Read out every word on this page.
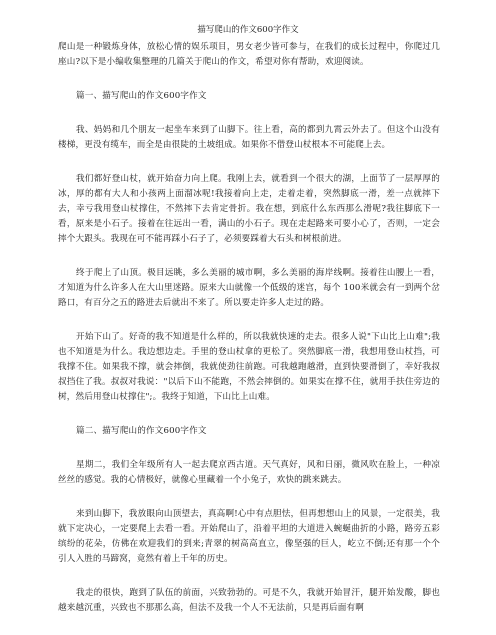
描写爬山的作文600字作文

爬山是一种锻炼身体，放松心情的娱乐项目，男女老少皆可参与，在我们的成长过程中，你爬过几座山?以下是小编收集整理的几篇关于爬山的作文，希望对你有帮助，欢迎阅读。

篇一、描写爬山的作文600字作文

我、妈妈和几个朋友一起坐车来到了山脚下。往上看，高的都到九霄云外去了。但这个山没有楼梯，更没有缆车，而全是由很陡的土坡组成。如果你不借登山杖根本不可能爬上去。

我们都好登山杖，就开始奋力向上爬。我刚上去，就看到一个很大的湖，上面节了一层厚厚的冰，厚的都有大人和小孩两上面溜冰呢!我接着向上走，走着走着，突然脚底一滑，差一点就摔下去，幸亏我用登山杖撑住，不然摔下去肯定骨折。我在想，到底什么东西那么滑呢?我往脚底下一看，原来是小石子。接着在往远出一看，满山的小石子。现在走起路来可要小心了，否则，一定会摔个大跟头。我现在可不能再踩小石子了，必须要踩着大石头和树根前进。

终于爬上了山顶。极目远眺，多么美丽的城市啊，多么美丽的海岸线啊。接着往山腰上一看，才知道为什么许多人在大山里迷路。原来大山就像一个低级的迷宫，每个 100米就会有一到两个岔路口，有百分之五的路进去后就出不来了。所以要走许多人走过的路。

开始下山了。好奇的我不知道是什么样的，所以我就快速的走去。很多人说"下山比上山难";我也不知道是为什么。我边想边走。手里的登山杖拿的更松了。突然脚底一滑，我想用登山杖挡，可我撑不住。如果我不撑，就会摔倒，我就使劲往前跑。可我越跑越滑，直到快要滑倒了，幸好我叔叔挡住了我。叔叔对我说："以后下山不能跑，不然会摔倒的。如果实在撑不住，就用手扶住旁边的树，然后用登山杖撑住";。我终于知道，下山比上山难。

篇二、描写爬山的作文600字作文

星期二，我们全年级所有人一起去爬京西古道。天气真好，风和日丽，微风吹在脸上，一种凉丝丝的感觉。我的心情极好，就像心里藏着一个小兔子，欢快的跳来跳去。

来到山脚下，我放眼向山顶望去，真高啊!心中有点胆怯，但再想想山上的风景，一定很美，我就下定决心，一定要爬上去看一看。开始爬山了，沿着平坦的大道进入蜿蜒曲折的小路，路旁五彩缤纷的花朵，仿佛在欢迎我们的到来;青翠的树高高直立，像坚强的巨人，屹立不倒;还有那一个个引人入胜的马蹄窝，竟然有着上千年的历史。

我走的很快，跑到了队伍的前面，兴致勃勃的。可是不久，我就开始冒汗，腿开始发酸，脚也越来越沉重，兴致也不那那么高，但法不及我一个人不无法前，只是再后面有啊
